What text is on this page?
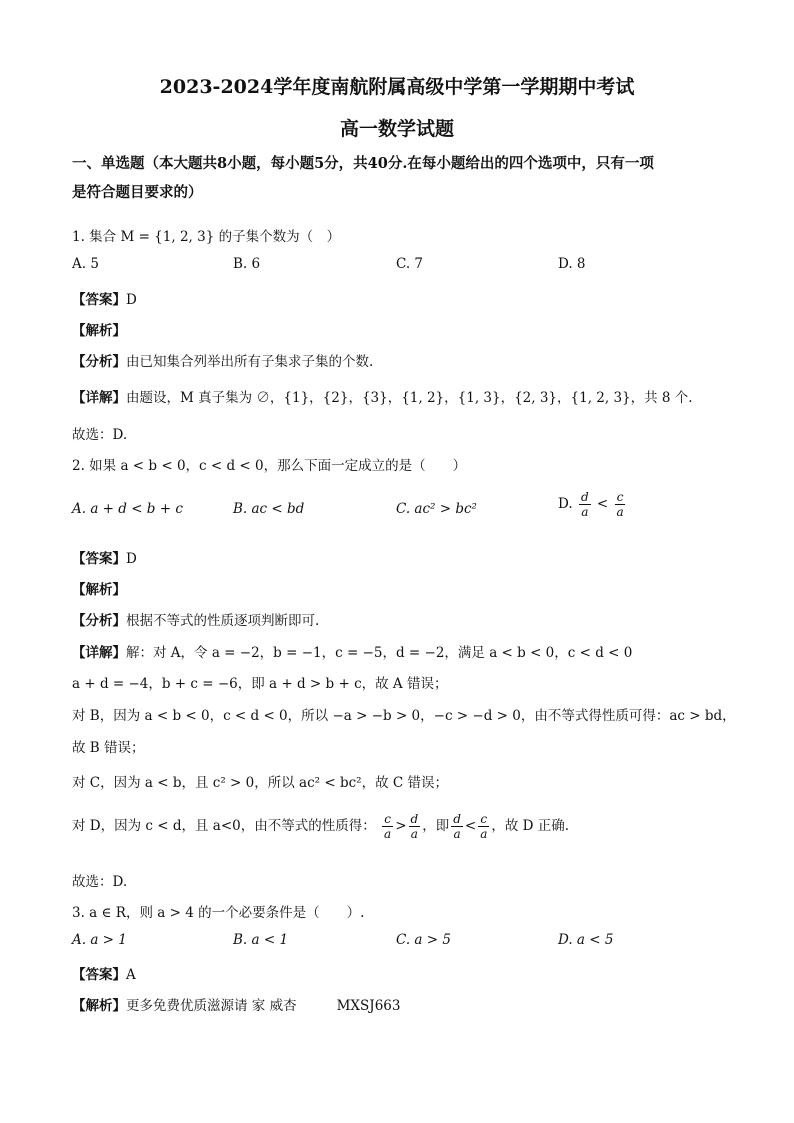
2023-2024学年度南航附属高级中学第一学期期中考试
高一数学试题
一、单选题（本大题共8小题，每小题5分，共40分.在每小题给出的四个选项中，只有一项
是符合题目要求的）
1. 集合 M = {1, 2, 3} 的子集个数为（　）
A. 5	B. 6	C. 7	D. 8
【答案】D
【解析】
【分析】由已知集合列举出所有子集求子集的个数.
【详解】由题设，M 真子集为 ∅，{1}，{2}，{3}，{1, 2}，{1, 3}，{2, 3}，{1, 2, 3}，共 8 个.
故选：D.
2. 如果 a < b < 0，c < d < 0，那么下面一定成立的是（　　）
A. a + d < b + c	B. ac < bd	C. ac² > bc²	D. $\frac{d}{a} < \frac{c}{a}$
【答案】D
【解析】
【分析】根据不等式的性质逐项判断即可.
【详解】解：对 A，令 a = −2，b = −1，c = −5，d = −2，满足 a < b < 0，c < d < 0
a + d = −4，b + c = −6，即 a + d > b + c，故 A 错误；
对 B，因为 a < b < 0，c < d < 0，所以 −a > −b > 0，−c > −d > 0，由不等式得性质可得：ac > bd，
故 B 错误；
对 C，因为 a < b，且 c² > 0，所以 ac² < bc²，故 C 错误；
对 D，因为 c < d，且 a<0，由不等式的性质得： $\frac{c}{a} > \frac{d}{a}$ ，即 $\frac{d}{a} < \frac{c}{a}$ ，故 D 正确.
故选：D.
3. a ∈ R，则 a > 4 的一个必要条件是（　　）.
A. a > 1	B. a < 1	C. a > 5	D. a < 5
【答案】A
【解析】更多免费优质滋源请 家 威杏	MXSJ663
